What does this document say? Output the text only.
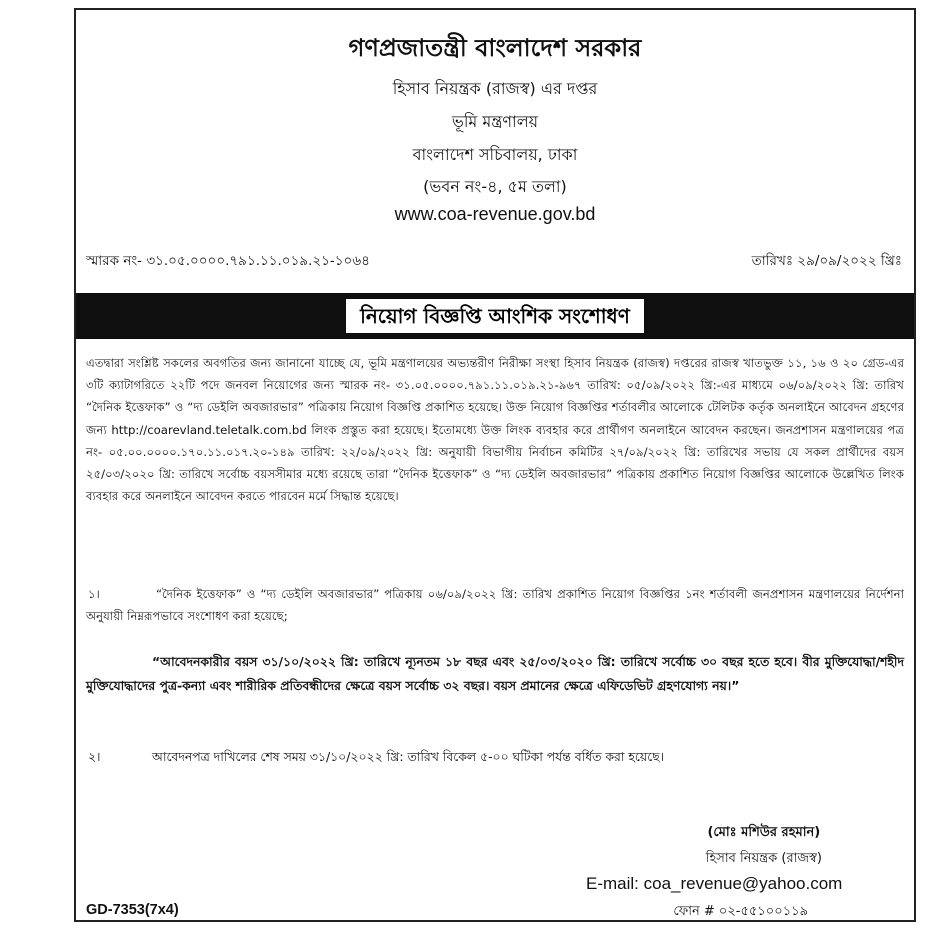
গণপ্রজাতন্ত্রী বাংলাদেশ সরকার
হিসাব নিয়ন্ত্রক (রাজস্ব) এর দপ্তর
ভূমি মন্ত্রণালয়
বাংলাদেশ সচিবালয়, ঢাকা
(ভবন নং-৪, ৫ম তলা)
www.coa-revenue.gov.bd
স্মারক নং- ৩১.০৫.০০০০.৭৯১.১১.০১৯.২১-১০৬৪	তারিখঃ ২৯/০৯/২০২২ খ্রিঃ
নিয়োগ বিজ্ঞপ্তি আংশিক সংশোধণ
এতদ্বারা সংশ্লিষ্ট সকলের অবগতির জন্য জানানো যাচ্ছে যে, ভূমি মন্ত্রণালয়ের অভ্যন্তরীণ নিরীক্ষা সংস্থা হিসাব নিয়ন্ত্রক (রাজস্ব) দপ্তরের রাজস্ব খাতভুক্ত ১১, ১৬ ও ২০ গ্রেড-এর ৩টি ক্যাটাগরিতে ২২টি পদে জনবল নিয়োগের জন্য স্মারক নং- ৩১.০৫.০০০০.৭৯১.১১.০১৯.২১-৯৬৭ তারিখ: ০৫/০৯/২০২২ খ্রি:-এর মাধ্যমে ০৬/০৯/২০২২ খ্রি: তারিখ “দৈনিক ইত্তেফাক” ও “দ্য ডেইলি অবজারভার” পত্রিকায় নিয়োগ বিজ্ঞপ্তি প্রকাশিত হয়েছে। উক্ত নিয়োগ বিজ্ঞপ্তির শর্তাবলীর আলোকে টেলিটক কর্তৃক অনলাইনে আবেদন গ্রহণের জন্য http://coarevland.teletalk.com.bd লিংক প্রস্তুত করা হয়েছে। ইতোমধ্যে উক্ত লিংক ব্যবহার করে প্রার্থীগণ অনলাইনে আবেদন করছেন। জনপ্রশাসন মন্ত্রণালয়ের পত্র নং- ০৫.০০.০০০০.১৭০.১১.০১৭.২০-১৪৯ তারিখ: ২২/০৯/২০২২ খ্রি: অনুযায়ী বিভাগীয় নির্বাচন কমিটির ২৭/০৯/২০২২ খ্রি: তারিখের সভায় যে সকল প্রার্থীদের বয়স ২৫/০৩/২০২০ খ্রি: তারিখে সর্বোচ্চ বয়সসীমার মধ্যে রয়েছে তারা “দৈনিক ইত্তেফাক” ও “দ্য ডেইলি অবজারভার” পত্রিকায় প্রকাশিত নিয়োগ বিজ্ঞপ্তির আলোকে উল্লেখিত লিংক ব্যবহার করে অনলাইনে আবেদন করতে পারবেন মর্মে সিদ্ধান্ত হয়েছে।
১।	“দৈনিক ইত্তেফাক” ও “দ্য ডেইলি অবজারভার” পত্রিকায় ০৬/০৯/২০২২ খ্রি: তারিখ প্রকাশিত নিয়োগ বিজ্ঞপ্তির ১নং শর্তাবলী জনপ্রশাসন মন্ত্রণালয়ের নির্দেশনা অনুযায়ী নিম্নরূপভাবে সংশোধণ করা হয়েছে;
“আবেদনকারীর বয়স ৩১/১০/২০২২ খ্রি: তারিখে ন্যূনতম ১৮ বছর এবং ২৫/০৩/২০২০ খ্রি: তারিখে সর্বোচ্চ ৩০ বছর হতে হবে। বীর মুক্তিযোদ্ধা/শহীদ মুক্তিযোদ্ধাদের পুত্র-কন্যা এবং শারীরিক প্রতিবন্ধীদের ক্ষেত্রে বয়স সর্বোচ্চ ৩২ বছর। বয়স প্রমানের ক্ষেত্রে এফিডেভিট গ্রহণযোগ্য নয়।”
২।	আবেদনপত্র দাখিলের শেষ সময় ৩১/১০/২০২২ খ্রি: তারিখ বিকেল ৫-০০ ঘটিকা পর্যন্ত বর্ধিত করা হয়েছে।
(মোঃ মশিউর রহমান)
হিসাব নিয়ন্ত্রক (রাজস্ব)
E-mail: coa_revenue@yahoo.com
ফোন # ০২-৫৫১০০১১৯
GD-7353(7x4)
